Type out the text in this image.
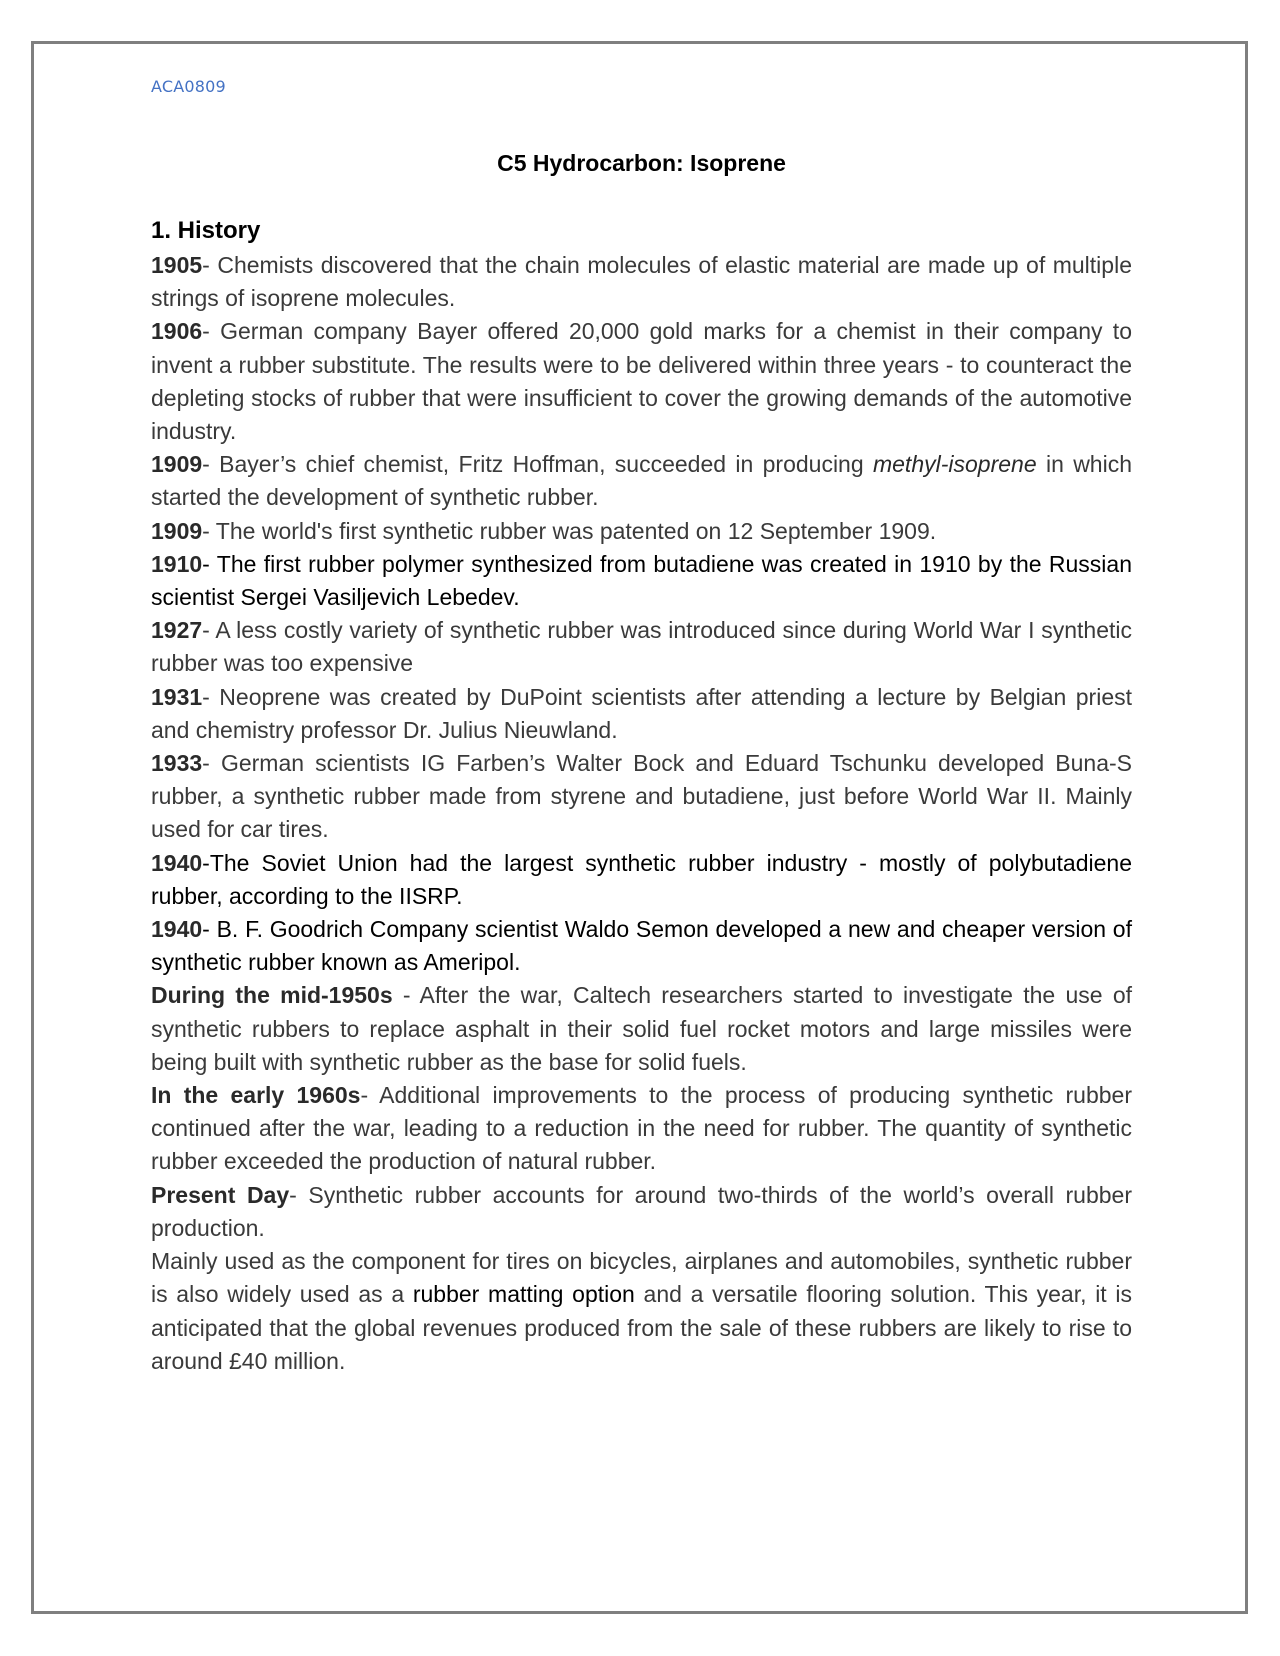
ACA0809
C5 Hydrocarbon: Isoprene
1. History

1905- Chemists discovered that the chain molecules of elastic material are made up of multiple strings of isoprene molecules.

1906- German company Bayer offered 20,000 gold marks for a chemist in their company to invent a rubber substitute. The results were to be delivered within three years - to counteract the depleting stocks of rubber that were insufficient to cover the growing demands of the automotive industry.

1909- Bayer’s chief chemist, Fritz Hoffman, succeeded in producing methyl-isoprene in which started the development of synthetic rubber.

1909- The world's first synthetic rubber was patented on 12 September 1909.

1910- The first rubber polymer synthesized from butadiene was created in 1910 by the Russian scientist Sergei Vasiljevich Lebedev.

1927- A less costly variety of synthetic rubber was introduced since during World War I synthetic rubber was too expensive

1931- Neoprene was created by DuPoint scientists after attending a lecture by Belgian priest and chemistry professor Dr. Julius Nieuwland.

1933- German scientists IG Farben’s Walter Bock and Eduard Tschunku developed Buna-S rubber, a synthetic rubber made from styrene and butadiene, just before World War II. Mainly used for car tires.

1940-The Soviet Union had the largest synthetic rubber industry - mostly of polybutadiene rubber, according to the IISRP.

1940- B. F. Goodrich Company scientist Waldo Semon developed a new and cheaper version of synthetic rubber known as Ameripol.

During the mid-1950s - After the war, Caltech researchers started to investigate the use of synthetic rubbers to replace asphalt in their solid fuel rocket motors and large missiles were being built with synthetic rubber as the base for solid fuels.

In the early 1960s- Additional improvements to the process of producing synthetic rubber continued after the war, leading to a reduction in the need for rubber. The quantity of synthetic rubber exceeded the production of natural rubber.

Present Day- Synthetic rubber accounts for around two-thirds of the world’s overall rubber production.

Mainly used as the component for tires on bicycles, airplanes and automobiles, synthetic rubber is also widely used as a rubber matting option and a versatile flooring solution. This year, it is anticipated that the global revenues produced from the sale of these rubbers are likely to rise to around £40 million.
